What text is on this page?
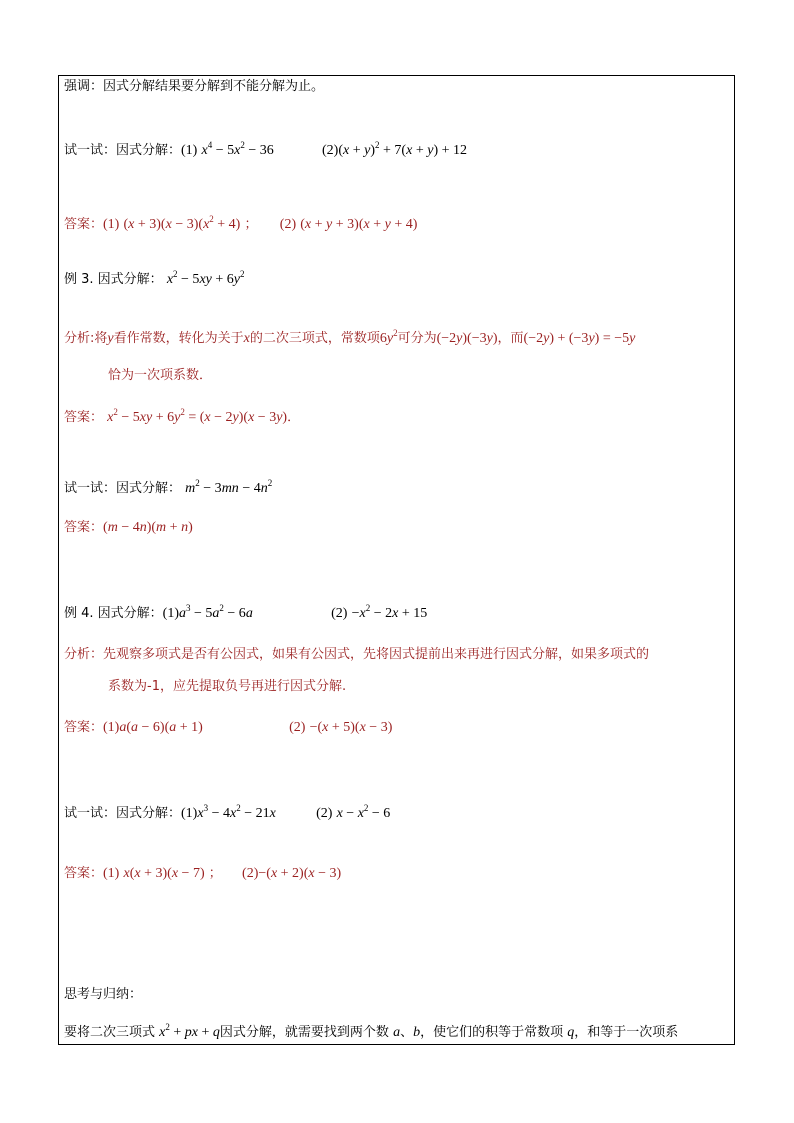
强调：因式分解结果要分解到不能分解为止。
试一试：因式分解：(1) $x^4 - 5x^2 - 36$	$(2)(x + y)^2 + 7(x + y) + 12$
答案：(1) $(x + 3)(x - 3)(x^2 + 4)$ ； (2) (x + y + 3)(x + y + 4)
例 3. 因式分解： $x^2 - 5xy + 6y^2$
分析:将y看作常数，转化为关于x的二次三项式，常数项$6y^2$可分为(−2y)(−3y)，而(−2y) + (−3y) = −5y
恰为一次项系数．
答案： $x^2 - 5xy + 6y^2 = (x - 2y)(x - 3y)$．
试一试：因式分解： $m^2 - 3mn - 4n^2$
答案：(m − 4n)(m + n)
例 4. 因式分解：$(1)a^3 - 5a^2 - 6a$	$(2) -x^2 - 2x + 15$
分析：先观察多项式是否有公因式，如果有公因式，先将因式提前出来再进行因式分解，如果多项式的
系数为-1，应先提取负号再进行因式分解.
答案：(1)a(a − 6)(a + 1)	(2) −(x + 5)(x − 3)
试一试：因式分解：$(1)x^3 - 4x^2 - 21x$	(2) $x - x^2 - 6$
答案：(1) x(x + 3)(x − 7) ； (2)−(x + 2)(x − 3)
思考与归纳：
要将二次三项式 $x^2$ + px + q因式分解，就需要找到两个数 a、b，使它们的积等于常数项 q，和等于一次项系
